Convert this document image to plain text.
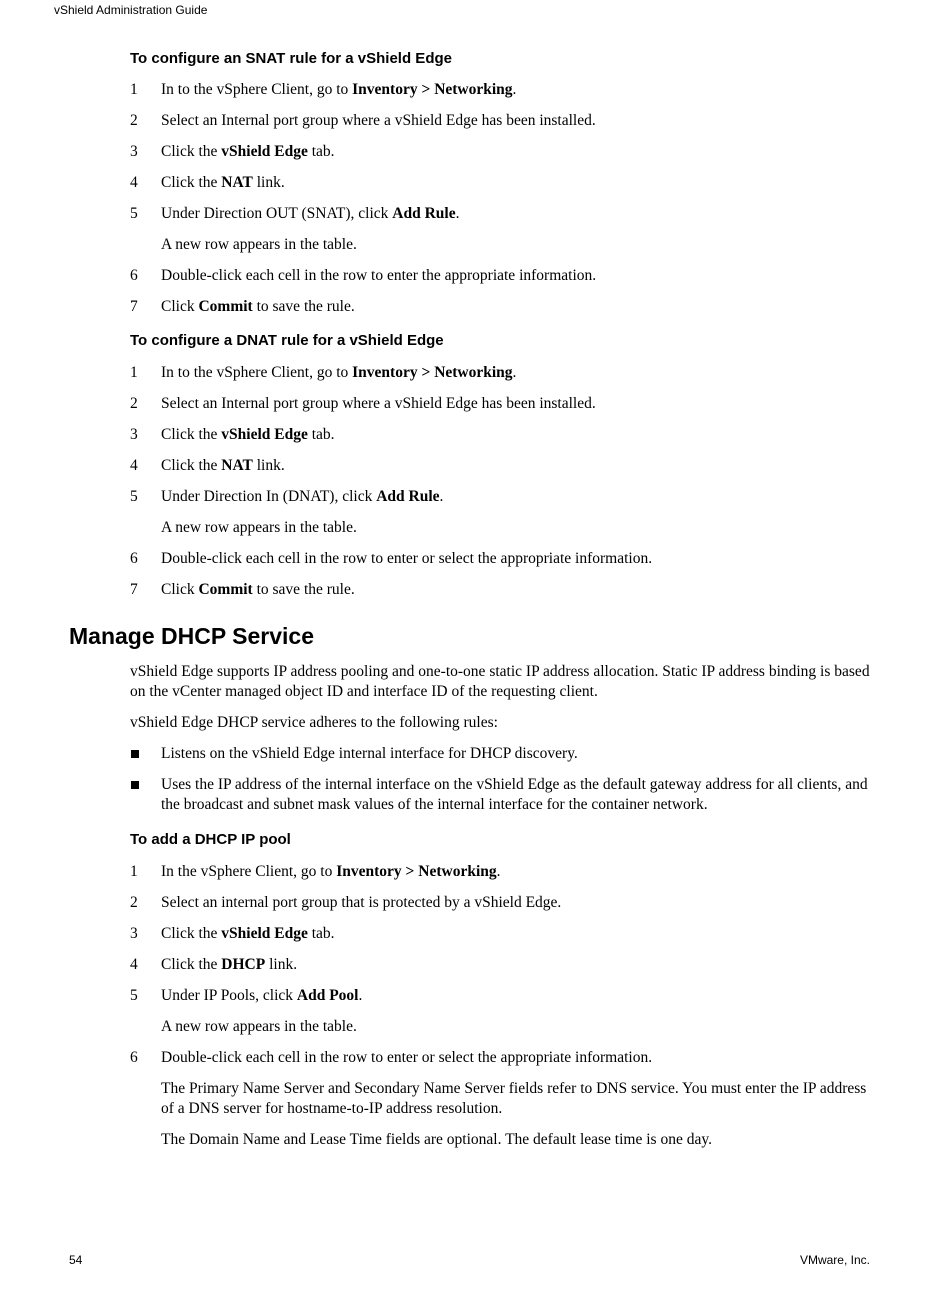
vShield Administration Guide
To configure an SNAT rule for a vShield Edge
1 In to the vSphere Client, go to Inventory > Networking.
2 Select an Internal port group where a vShield Edge has been installed.
3 Click the vShield Edge tab.
4 Click the NAT link.
5 Under Direction OUT (SNAT), click Add Rule.
A new row appears in the table.
6 Double-click each cell in the row to enter the appropriate information.
7 Click Commit to save the rule.
To configure a DNAT rule for a vShield Edge
1 In to the vSphere Client, go to Inventory > Networking.
2 Select an Internal port group where a vShield Edge has been installed.
3 Click the vShield Edge tab.
4 Click the NAT link.
5 Under Direction In (DNAT), click Add Rule.
A new row appears in the table.
6 Double-click each cell in the row to enter or select the appropriate information.
7 Click Commit to save the rule.
Manage DHCP Service
vShield Edge supports IP address pooling and one-to-one static IP address allocation. Static IP address binding is based on the vCenter managed object ID and interface ID of the requesting client.
vShield Edge DHCP service adheres to the following rules:
Listens on the vShield Edge internal interface for DHCP discovery.
Uses the IP address of the internal interface on the vShield Edge as the default gateway address for all clients, and the broadcast and subnet mask values of the internal interface for the container network.
To add a DHCP IP pool
1 In the vSphere Client, go to Inventory > Networking.
2 Select an internal port group that is protected by a vShield Edge.
3 Click the vShield Edge tab.
4 Click the DHCP link.
5 Under IP Pools, click Add Pool.
A new row appears in the table.
6 Double-click each cell in the row to enter or select the appropriate information.
The Primary Name Server and Secondary Name Server fields refer to DNS service. You must enter the IP address of a DNS server for hostname-to-IP address resolution.
The Domain Name and Lease Time fields are optional. The default lease time is one day.
54	VMware, Inc.
